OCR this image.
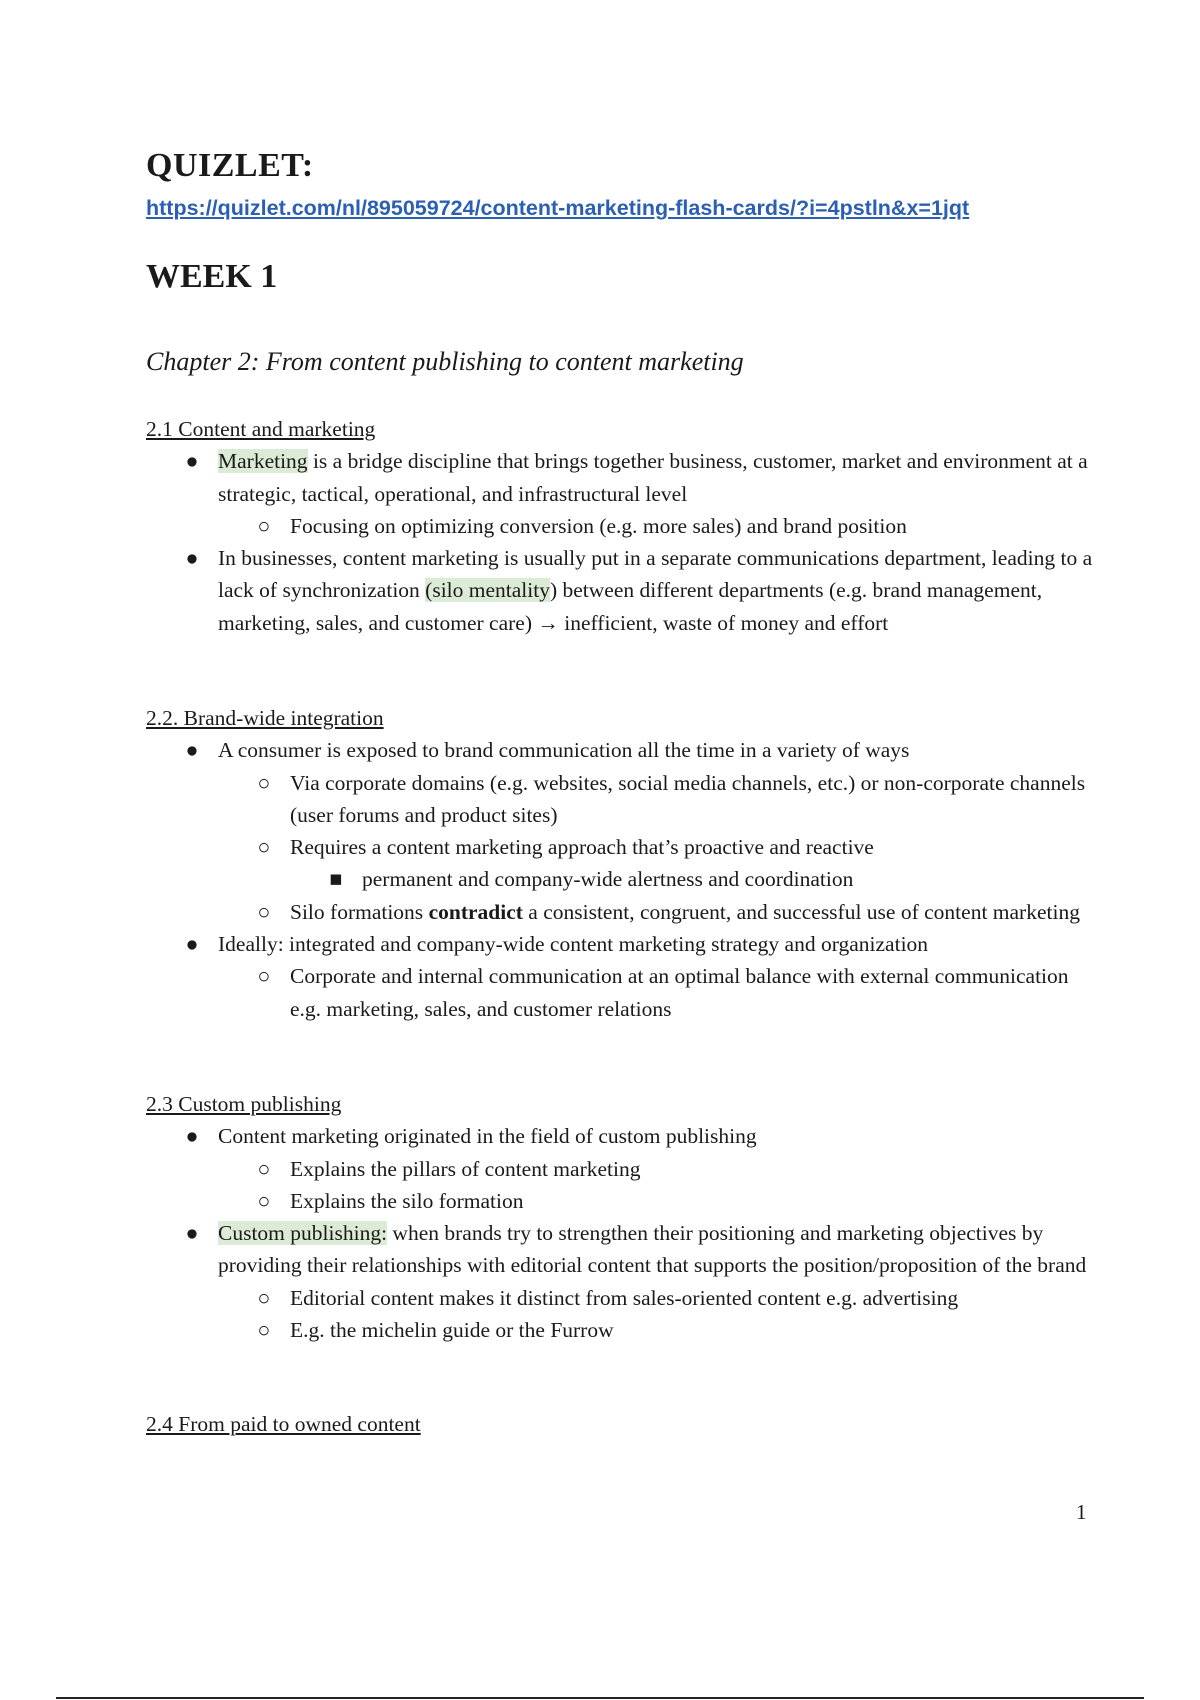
QUIZLET:
https://quizlet.com/nl/895059724/content-marketing-flash-cards/?i=4pstln&x=1jqt
WEEK 1
Chapter 2: From content publishing to content marketing
2.1 Content and marketing
● Marketing is a bridge discipline that brings together business, customer, market and environment at a strategic, tactical, operational, and infrastructural level
○ Focusing on optimizing conversion (e.g. more sales) and brand position
● In businesses, content marketing is usually put in a separate communications department, leading to a lack of synchronization (silo mentality) between different departments (e.g. brand management, marketing, sales, and customer care) → inefficient, waste of money and effort
2.2. Brand-wide integration
● A consumer is exposed to brand communication all the time in a variety of ways
○ Via corporate domains (e.g. websites, social media channels, etc.) or non-corporate channels (user forums and product sites)
○ Requires a content marketing approach that’s proactive and reactive
■ permanent and company-wide alertness and coordination
○ Silo formations contradict a consistent, congruent, and successful use of content marketing
● Ideally: integrated and company-wide content marketing strategy and organization
○ Corporate and internal communication at an optimal balance with external communication e.g. marketing, sales, and customer relations
2.3 Custom publishing
● Content marketing originated in the field of custom publishing
○ Explains the pillars of content marketing
○ Explains the silo formation
● Custom publishing: when brands try to strengthen their positioning and marketing objectives by providing their relationships with editorial content that supports the position/proposition of the brand
○ Editorial content makes it distinct from sales-oriented content e.g. advertising
○ E.g. the michelin guide or the Furrow
2.4 From paid to owned content
1
